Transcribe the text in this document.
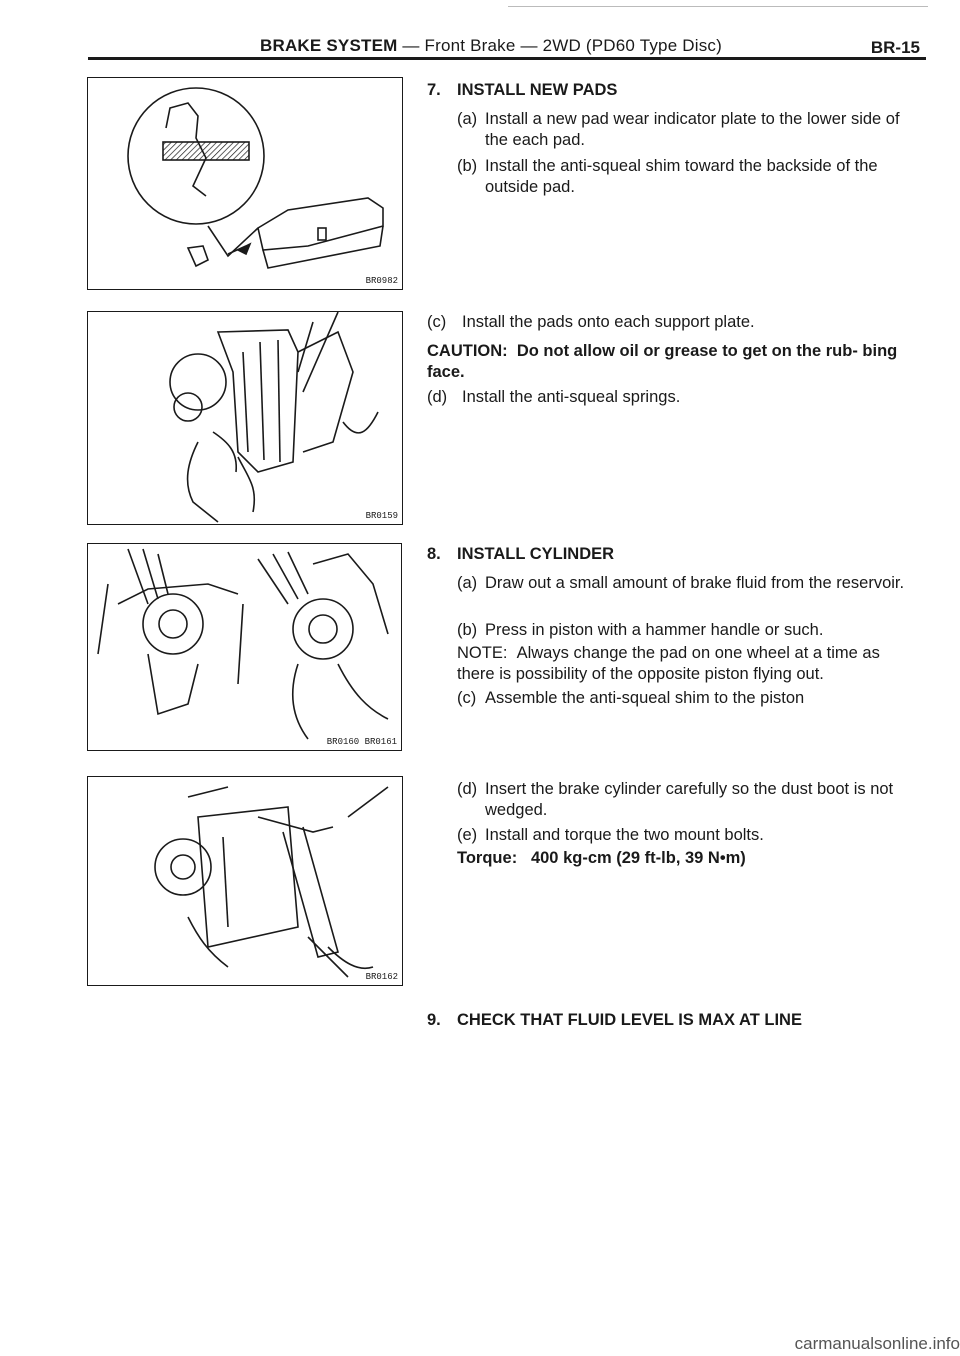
BRAKE SYSTEM — Front Brake — 2WD (PD60 Type Disc)	BR-15
BR0982
BR0159
BR0160 BR0161
BR0162
7. INSTALL NEW PADS
(a) Install a new pad wear indicator plate to the lower side of the each pad.
(b) Install the anti-squeal shim toward the backside of the outside pad.
(c) Install the pads onto each support plate.
CAUTION: Do not allow oil or grease to get on the rub- bing face.
(d) Install the anti-squeal springs.
8. INSTALL CYLINDER
(a) Draw out a small amount of brake fluid from the reservoir.
(b) Press in piston with a hammer handle or such.
NOTE: Always change the pad on one wheel at a time as there is possibility of the opposite piston flying out.
(c) Assemble the anti-squeal shim to the piston
(d) Insert the brake cylinder carefully so the dust boot is not wedged.
(e) Install and torque the two mount bolts.
Torque: 400 kg-cm (29 ft-lb, 39 N•m)
9. CHECK THAT FLUID LEVEL IS MAX AT LINE
carmanualsonline.info
